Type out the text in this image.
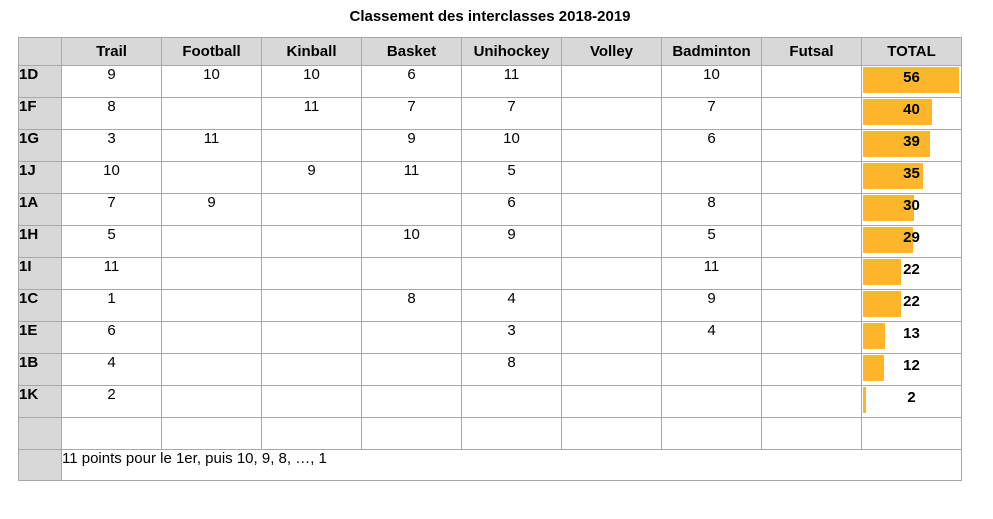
Classement des interclasses 2018-2019
	Trail	Football	Kinball	Basket	Unihockey	Volley	Badminton	Futsal	TOTAL
1D	9	10	10	6	11		10		56

1F	8		11	7	7		7		40

1G	3	11		9	10		6		39

1J	10		9	11	5				35

1A	7	9			6		8		30

1H	5			10	9		5		29

1I	11						11		22

1C	1			8	4		9		22

1E	6				3		4		13

1B	4				8				12

1K	2								2

	11 points pour le 1er, puis 10, 9, 8, …, 1								
